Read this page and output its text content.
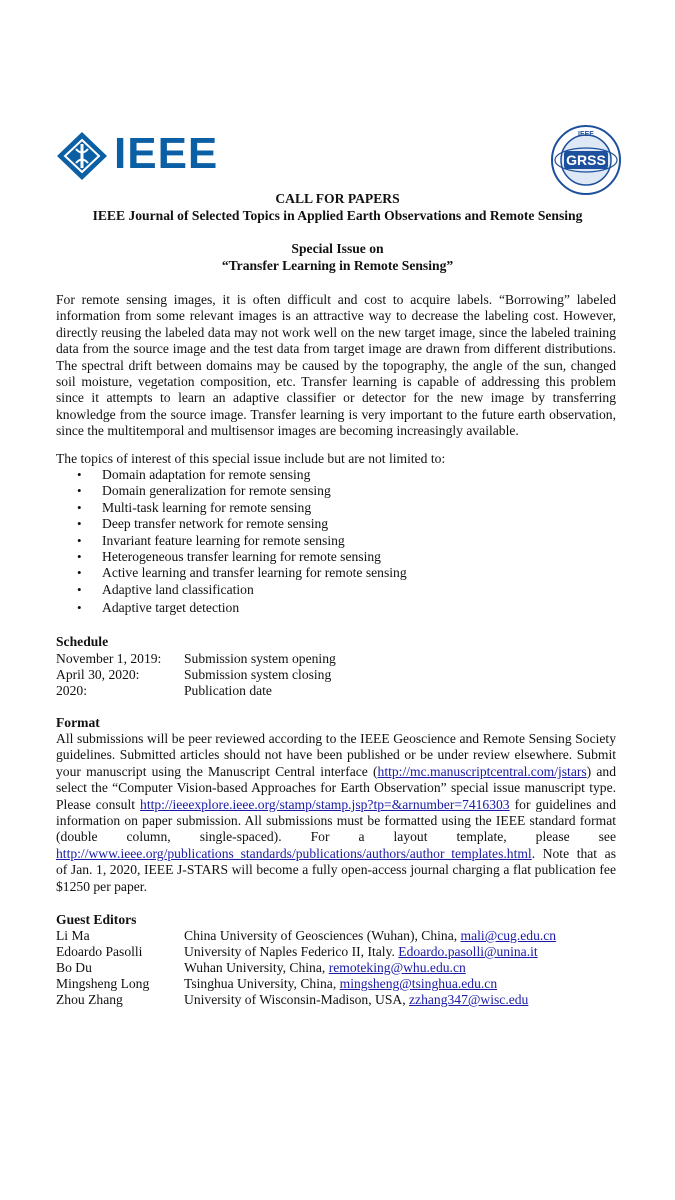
IEEE	IEEE
GRSS
CALL FOR PAPERS
IEEE Journal of Selected Topics in Applied Earth Observations and Remote Sensing
Special Issue on
“Transfer Learning in Remote Sensing”
For remote sensing images, it is often difficult and cost to acquire labels. “Borrowing” labeled information from some relevant images is an attractive way to decrease the labeling cost. However, directly reusing the labeled data may not work well on the new target image, since the labeled training data from the source image and the test data from target image are drawn from different distributions. The spectral drift between domains may be caused by the topography, the angle of the sun, changed soil moisture, vegetation composition, etc. Transfer learning is capable of addressing this problem since it attempts to learn an adaptive classifier or detector for the new image by transferring knowledge from the source image. Transfer learning is very important to the future earth observation, since the multitemporal and multisensor images are becoming increasingly available.
The topics of interest of this special issue include but are not limited to:
• Domain adaptation for remote sensing
• Domain generalization for remote sensing
• Multi-task learning for remote sensing
• Deep transfer network for remote sensing
• Invariant feature learning for remote sensing
• Heterogeneous transfer learning for remote sensing
• Active learning and transfer learning for remote sensing
• Adaptive land classification
• Adaptive target detection
Schedule
November 1, 2019: Submission system opening
April 30, 2020:	Submission system closing
2020:	Publication date
Format
All submissions will be peer reviewed according to the IEEE Geoscience and Remote Sensing Society guidelines. Submitted articles should not have been published or be under review elsewhere. Submit your manuscript using the Manuscript Central interface (http://mc.manuscriptcentral.com/jstars) and select the “Computer Vision-based Approaches for Earth Observation” special issue manuscript type. Please consult http://ieeexplore.ieee.org/stamp/stamp.jsp?tp=&arnumber=7416303 for guidelines and information on paper submission. All submissions must be formatted using the IEEE standard format (double column, single-spaced). For a layout template, please see http://www.ieee.org/publications_standards/publications/authors/author_templates.html. Note that as of Jan. 1, 2020, IEEE J-STARS will become a fully open-access journal charging a flat publication fee $1250 per paper.
Guest Editors
Li Ma	China University of Geosciences (Wuhan), China, mali@cug.edu.cn
Edoardo Pasolli	University of Naples Federico II, Italy. Edoardo.pasolli@unina.it
Bo Du	Wuhan University, China, remoteking@whu.edu.cn
Mingsheng Long	Tsinghua University, China, mingsheng@tsinghua.edu.cn
Zhou Zhang	University of Wisconsin-Madison, USA, zzhang347@wisc.edu
